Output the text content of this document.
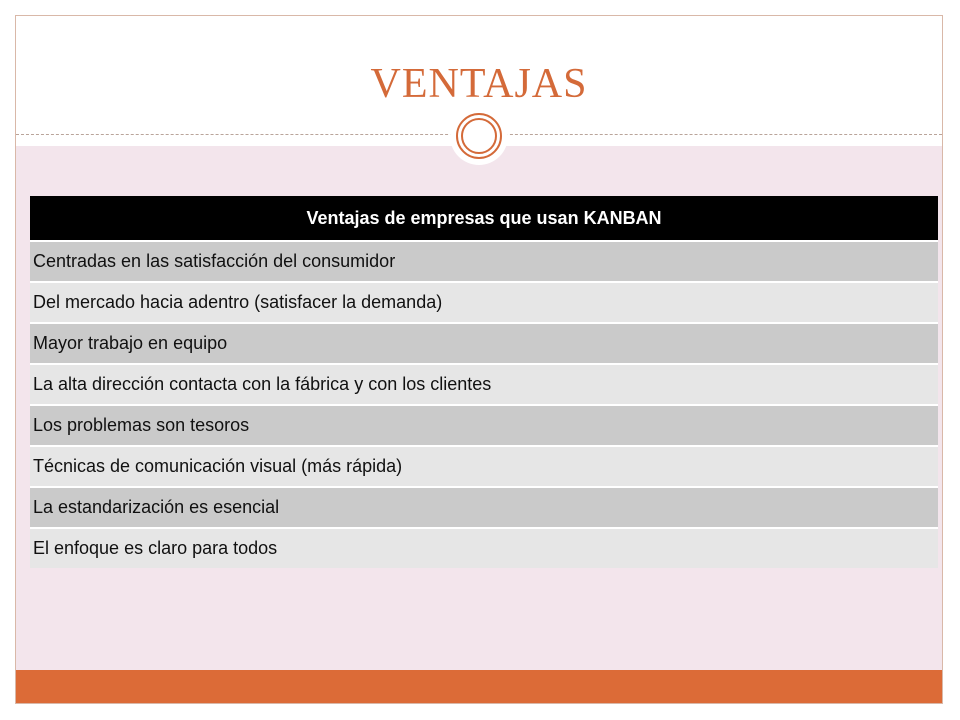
VENTAJAS
Ventajas de empresas que usan KANBAN
Centradas en las satisfacción del consumidor
Del mercado hacia adentro (satisfacer la demanda)
Mayor trabajo en equipo
La alta dirección contacta con la fábrica y con los clientes
Los problemas son tesoros
Técnicas de comunicación visual (más rápida)
La estandarización es esencial
El enfoque es claro para todos
